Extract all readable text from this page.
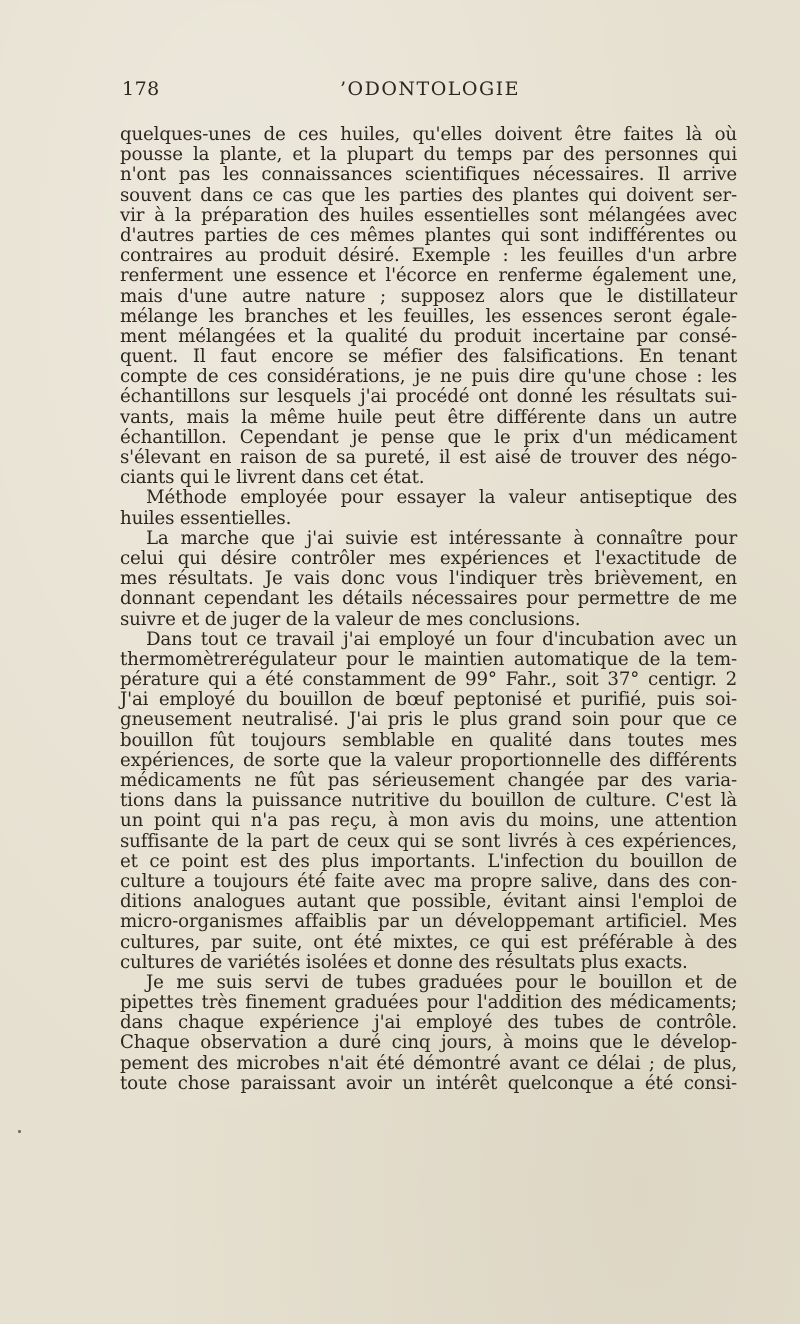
178	’ODONTOLOGIE
quelques-unes de ces huiles, qu'elles doivent être faites là où
pousse la plante, et la plupart du temps par des personnes qui
n'ont pas les connaissances scientifiques nécessaires. Il arrive
souvent dans ce cas que les parties des plantes qui doivent ser-
vir à la préparation des huiles essentielles sont mélangées avec
d'autres parties de ces mêmes plantes qui sont indifférentes ou
contraires au produit désiré. Exemple : les feuilles d'un arbre
renferment une essence et l'écorce en renferme également une,
mais d'une autre nature ; supposez alors que le distillateur
mélange les branches et les feuilles, les essences seront égale-
ment mélangées et la qualité du produit incertaine par consé-
quent. Il faut encore se méfier des falsifications. En tenant
compte de ces considérations, je ne puis dire qu'une chose : les
échantillons sur lesquels j'ai procédé ont donné les résultats sui-
vants, mais la même huile peut être différente dans un autre
échantillon. Cependant je pense que le prix d'un médicament
s'élevant en raison de sa pureté, il est aisé de trouver des négo-
ciants qui le livrent dans cet état.
Méthode employée pour essayer la valeur antiseptique des
huiles essentielles.
La marche que j'ai suivie est intéressante à connaître pour
celui qui désire contrôler mes expériences et l'exactitude de
mes résultats. Je vais donc vous l'indiquer très brièvement, en
donnant cependant les détails nécessaires pour permettre de me
suivre et de juger de la valeur de mes conclusions.
Dans tout ce travail j'ai employé un four d'incubation avec un
thermomètrerégulateur pour le maintien automatique de la tem-
pérature qui a été constamment de 99° Fahr., soit 37° centigr. 2
J'ai employé du bouillon de bœuf peptonisé et purifié, puis soi-
gneusement neutralisé. J'ai pris le plus grand soin pour que ce
bouillon fût toujours semblable en qualité dans toutes mes
expériences, de sorte que la valeur proportionnelle des différents
médicaments ne fût pas sérieusement changée par des varia-
tions dans la puissance nutritive du bouillon de culture. C'est là
un point qui n'a pas reçu, à mon avis du moins, une attention
suffisante de la part de ceux qui se sont livrés à ces expériences,
et ce point est des plus importants. L'infection du bouillon de
culture a toujours été faite avec ma propre salive, dans des con-
ditions analogues autant que possible, évitant ainsi l'emploi de
micro-organismes affaiblis par un développemant artificiel. Mes
cultures, par suite, ont été mixtes, ce qui est préférable à des
cultures de variétés isolées et donne des résultats plus exacts.
Je me suis servi de tubes graduées pour le bouillon et de
pipettes très finement graduées pour l'addition des médicaments;
dans chaque expérience j'ai employé des tubes de contrôle.
Chaque observation a duré cinq jours, à moins que le dévelop-
pement des microbes n'ait été démontré avant ce délai ; de plus,
toute chose paraissant avoir un intérêt quelconque a été consi-
